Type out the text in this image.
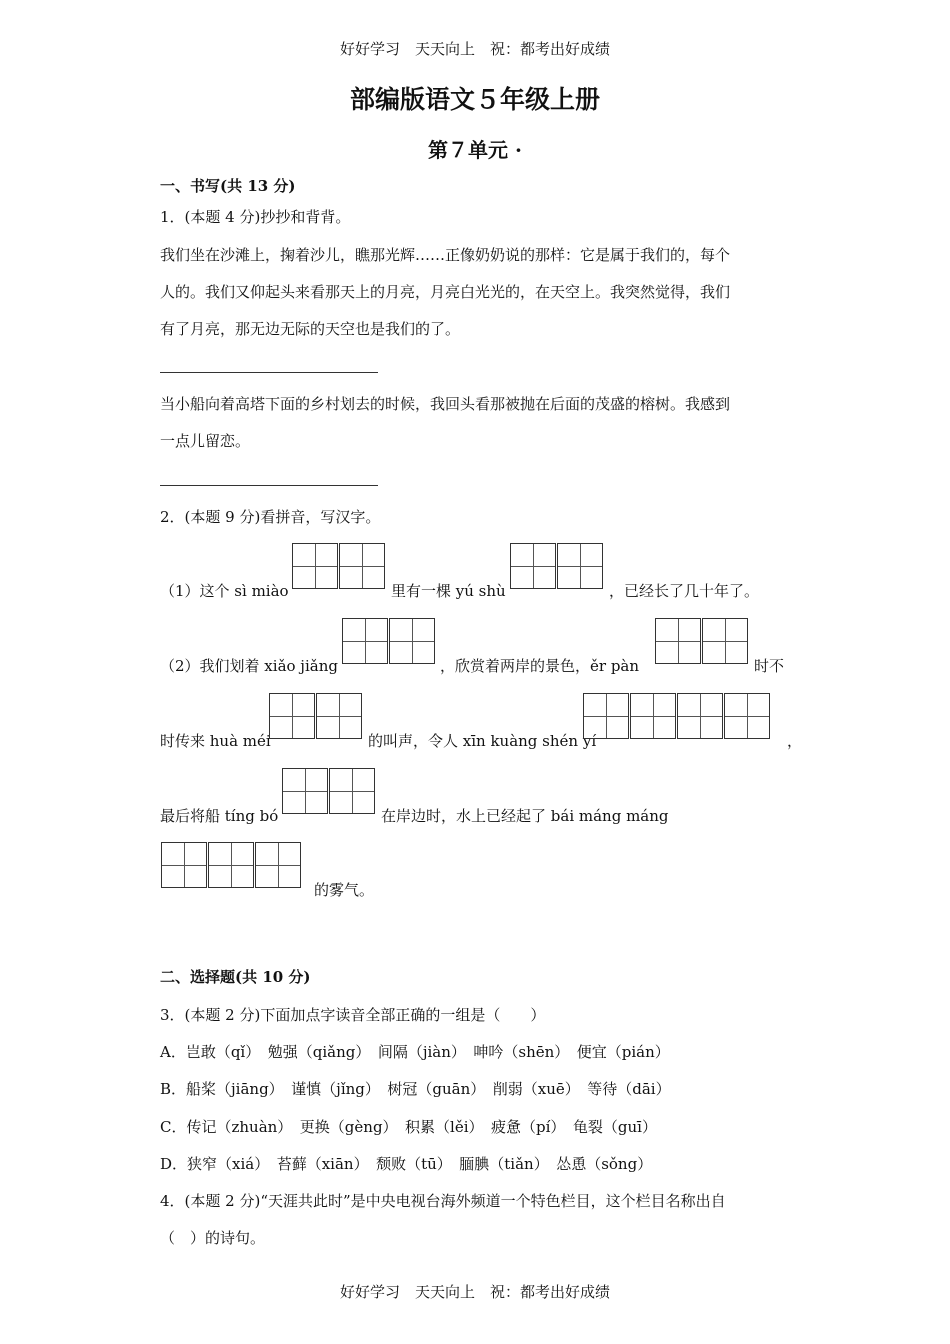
好好学习　天天向上　祝：都考出好成绩
部编版语文５年级上册
第７单元 ·
一、书写(共 13 分)
1．(本题 4 分)抄抄和背背。
我们坐在沙滩上，掬着沙儿，瞧那光辉……正像奶奶说的那样：它是属于我们的，每个
人的。我们又仰起头来看那天上的月亮，月亮白光光的，在天空上。我突然觉得，我们
有了月亮，那无边无际的天空也是我们的了。
当小船向着高塔下面的乡村划去的时候，我回头看那被抛在后面的茂盛的榕树。我感到
一点儿留恋。
2．(本题 9 分)看拼音，写汉字。
（1）这个 sì miào	里有一棵 yú shù	，已经长了几十年了。
（2）我们划着 xiǎo jiǎng	，欣赏着两岸的景色，ěr pàn	时不
时传来 huà méi	的叫声，令人 xīn kuàng shén yí	，
最后将船 tíng bó	在岸边时，水上已经起了 bái máng máng
的雾气。
二、选择题(共 10 分)
3．(本题 2 分)下面加点字读音全部正确的一组是（　　）
A．岂敢（qǐ）　勉强（qiǎng）　间隔（jiàn）　呻吟（shēn）　便宜（pián）
B．船桨（jiāng）　谨慎（jǐng）　树冠（guān）　削弱（xuē）　等待（dāi）
C．传记（zhuàn）　更换（gèng）　积累（lěi）　疲惫（pí）　龟裂（guī）
D．狭窄（xiá）　苔藓（xiān）　颓败（tū）　腼腆（tiǎn）　怂恿（sǒng）
4．(本题 2 分)“天涯共此时”是中央电视台海外频道一个特色栏目，这个栏目名称出自
（　）的诗句。
好好学习　天天向上　祝：都考出好成绩
